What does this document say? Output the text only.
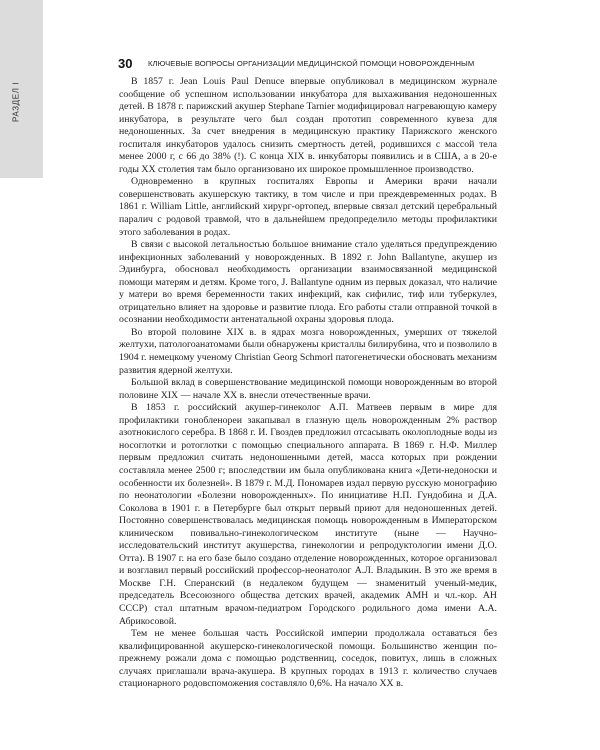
РАЗДЕЛ I
30	КЛЮЧЕВЫЕ ВОПРОСЫ ОРГАНИЗАЦИИ МЕДИЦИНСКОЙ ПОМОЩИ НОВОРОЖДЕННЫМ

В 1857 г. Jean Louis Paul Denuce впервые опубликовал в медицинском журнале сообщение об успешном использовании инкубатора для выхаживания недоношенных детей. В 1878 г. парижский акушер Stephane Tarnier модифицировал нагревающую камеру инкубатора, в результате чего был создан прототип современного кувеза для недоношенных. За счет внедрения в медицинскую практику Парижского женского госпиталя инкубаторов удалось снизить смертность детей, родившихся с массой тела менее 2000 г, с 66 до 38% (!). С конца XIX в. инкубаторы появились и в США, а в 20-е годы XX столетия там было организовано их широкое промышленное производство.

Одновременно в крупных госпиталях Европы и Америки врачи начали совершенствовать акушерскую тактику, в том числе и при преждевременных родах. В 1861 г. William Little, английский хирург-ортопед, впервые связал детский церебральный паралич с родовой травмой, что в дальнейшем предопределило методы профилактики этого заболевания в родах.

В связи с высокой летальностью большое внимание стало уделяться предупреждению инфекционных заболеваний у новорожденных. В 1892 г. John Ballantyne, акушер из Эдинбурга, обосновал необходимость организации взаимосвязанной медицинской помощи матерям и детям. Кроме того, J. Ballantyne одним из первых доказал, что наличие у матери во время беременности таких инфекций, как сифилис, тиф или туберкулез, отрицательно влияет на здоровье и развитие плода. Его работы стали отправной точкой в осознании необходимости антенатальной охраны здоровья плода.

Во второй половине XIX в. в ядрах мозга новорожденных, умерших от тяжелой желтухи, патологоанатомами были обнаружены кристаллы билирубина, что и позволило в 1904 г. немецкому ученому Christian Georg Schmorl патогенетически обосновать механизм развития ядерной желтухи.

Большой вклад в совершенствование медицинской помощи новорожденным во второй половине XIX — начале XX в. внесли отечественные врачи.

В 1853 г. российский акушер-гинеколог А.П. Матвеев первым в мире для профилактики гонобленореи закапывал в глазную щель новорожденным 2% раствор азотнокислого серебра. В 1868 г. И. Гвоздев предложил отсасывать околоплодные воды из носоглотки и ротоглотки с помощью специального аппарата. В 1869 г. Н.Ф. Миллер первым предложил считать недоношенными детей, масса которых при рождении составляла менее 2500 г; впоследствии им была опубликована книга «Дети-недоноски и особенности их болезней». В 1879 г. М.Д. Пономарев издал первую русскую монографию по неонатологии «Болезни новорожденных». По инициативе Н.П. Гундобина и Д.А. Соколова в 1901 г. в Петербурге был открыт первый приют для недоношенных детей. Постоянно совершенствовалась медицинская помощь новорожденным в Императорском клиническом повивально-гинекологическом институте (ныне — Научно-исследовательский институт акушерства, гинекологии и репродуктологии имени Д.О. Отта). В 1907 г. на его базе было создано отделение новорожденных, которое организовал и возглавил первый российский профессор-неонатолог А.Л. Владыкин. В это же время в Москве Г.Н. Сперанский (в недалеком будущем — знаменитый ученый-медик, председатель Всесоюзного общества детских врачей, академик АМН и чл.-кор. АН СССР) стал штатным врачом-педиатром Городского родильного дома имени А.А. Абрикосовой.

Тем не менее большая часть Российской империи продолжала оставаться без квалифицированной акушерско-гинекологической помощи. Большинство женщин по-прежнему рожали дома с помощью родственниц, соседок, повитух, лишь в сложных случаях приглашали врача-акушера. В крупных городах в 1913 г. количество случаев стационарного родовспоможения составляло 0,6%. На начало XX в.
